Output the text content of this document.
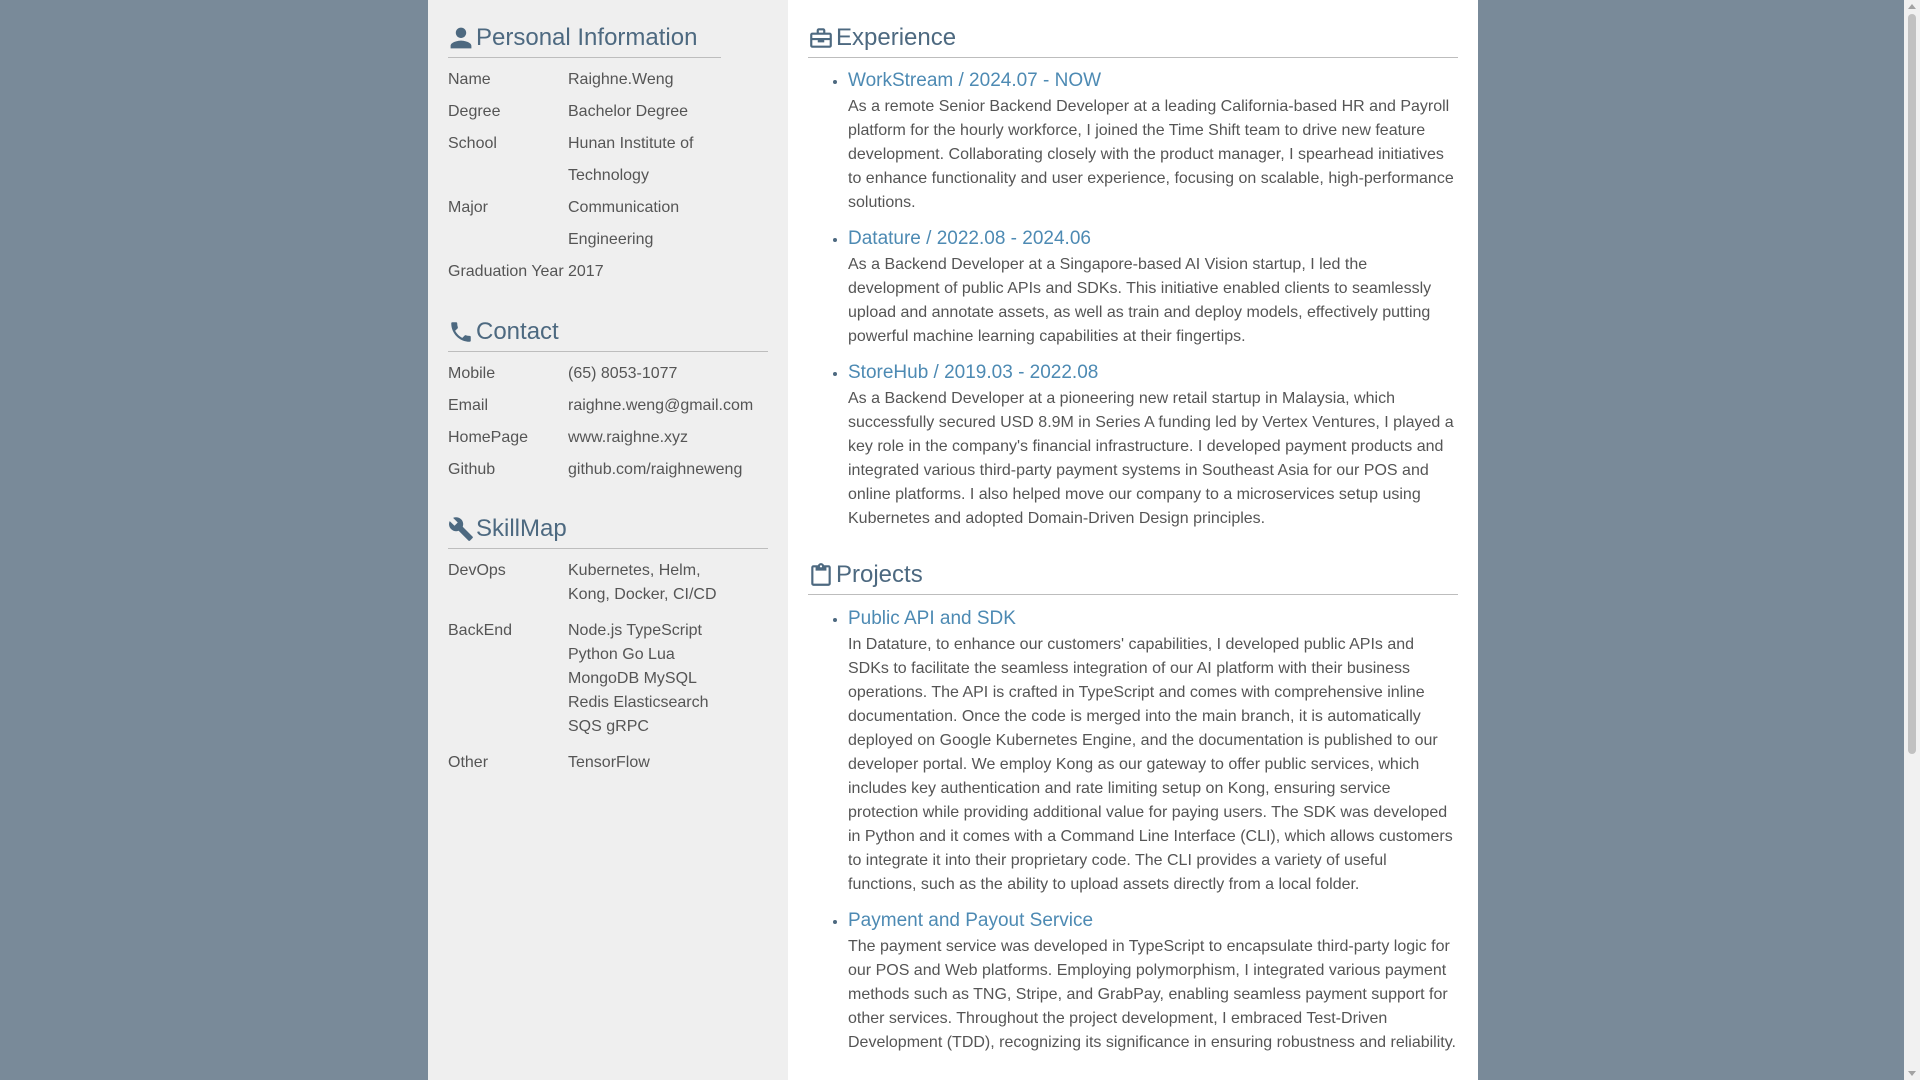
Personal Information
Name	Raighne.Weng
Degree	Bachelor Degree
School	Hunan Institute of Technology
Major	Communication Engineering
Graduation Year 2017
Contact
Mobile	(65) 8053-1077
Email	raighne.weng@gmail.com
HomePage	www.raighne.xyz
Github	github.com/raighneweng
SkillMap
DevOps	Kubernetes, Helm, Kong, Docker, CI/CD
BackEnd	Node.js TypeScript Python Go Lua MongoDB MySQL Redis Elasticsearch SQS gRPC
Other	TensorFlow
Experience
• WorkStream / 2024.07 - NOW

As a remote Senior Backend Developer at a leading California-based HR and Payroll platform for the hourly workforce, I joined the Time Shift team to drive new feature development. Collaborating closely with the product manager, I spearhead initiatives to enhance functionality and user experience, focusing on scalable, high-performance solutions.

• Datature / 2022.08 - 2024.06

As a Backend Developer at a Singapore-based AI Vision startup, I led the development of public APIs and SDKs. This initiative enabled clients to seamlessly upload and annotate assets, as well as train and deploy models, effectively putting powerful machine learning capabilities at their fingertips.

• StoreHub / 2019.03 - 2022.08

As a Backend Developer at a pioneering new retail startup in Malaysia, which successfully secured USD 8.9M in Series A funding led by Vertex Ventures, I played a key role in the company's financial infrastructure. I developed payment products and integrated various third-party payment systems in Southeast Asia for our POS and online platforms. I also helped move our company to a microservices setup using Kubernetes and adopted Domain-Driven Design principles.

Projects
• Public API and SDK

In Datature, to enhance our customers' capabilities, I developed public APIs and SDKs to facilitate the seamless integration of our AI platform with their business operations. The API is crafted in TypeScript and comes with comprehensive inline documentation. Once the code is merged into the main branch, it is automatically deployed on Google Kubernetes Engine, and the documentation is published to our developer portal. We employ Kong as our gateway to offer public services, which includes key authentication and rate limiting setup on Kong, ensuring service protection while providing additional value for paying users. The SDK was developed in Python and it comes with a Command Line Interface (CLI), which allows customers to integrate it into their proprietary code. The CLI provides a variety of useful functions, such as the ability to upload assets directly from a local folder.

• Payment and Payout Service

The payment service was developed in TypeScript to encapsulate third-party logic for our POS and Web platforms. Employing polymorphism, I integrated various payment methods such as TNG, Stripe, and GrabPay, enabling seamless payment support for other services. Throughout the project development, I embraced Test-Driven Development (TDD), recognizing its significance in ensuring robustness and reliability.
